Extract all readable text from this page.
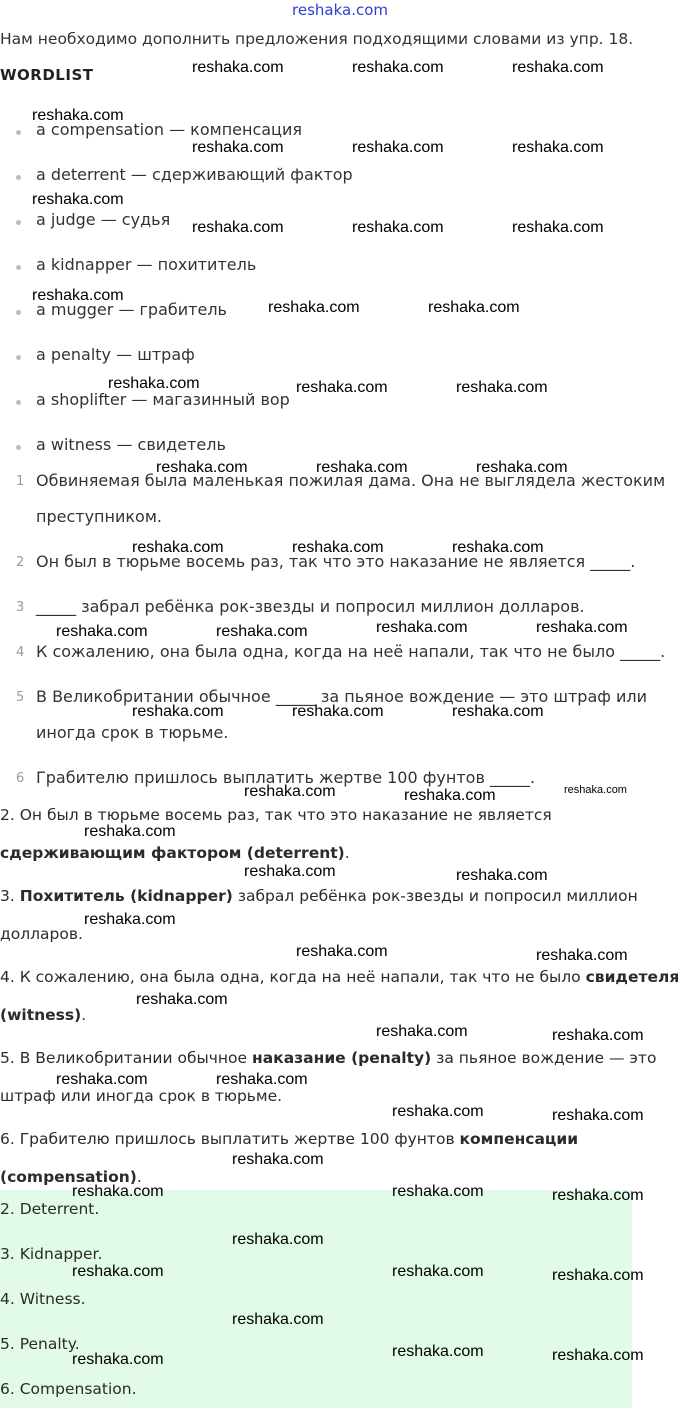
reshaka.com
Нам необходимо дополнить предложения подходящими словами из упр. 18.
WORDLIST
a compensation — компенсация
a deterrent — сдерживающий фактор
a judge — судья
a kidnapper — похититель
a mugger — грабитель
a penalty — штраф
a shoplifter — магазинный вор
a witness — свидетель
1 Обвиняемая была маленькая пожилая дама. Она не выглядела жестоким преступником.
2 Он был в тюрьме восемь раз, так что это наказание не является _____.
3 _____ забрал ребёнка рок-звезды и попросил миллион долларов.
4 К сожалению, она была одна, когда на неё напали, так что не было _____.
5 В Великобритании обычное _____ за пьяное вождение — это штраф или иногда срок в тюрьме.
6 Грабителю пришлось выплатить жертве 100 фунтов _____.
2. Он был в тюрьме восемь раз, так что это наказание не является сдерживающим фактором (deterrent).
3. Похититель (kidnapper) забрал ребёнка рок-звезды и попросил миллион долларов.
4. К сожалению, она была одна, когда на неё напали, так что не было свидетеля (witness).
5. В Великобритании обычное наказание (penalty) за пьяное вождение — это штраф или иногда срок в тюрьме.
6. Грабителю пришлось выплатить жертве 100 фунтов компенсации (compensation).
2. Deterrent.
3. Kidnapper.
4. Witness.
5. Penalty.
6. Compensation.
reshaka.com	reshaka.com	reshaka.com
reshaka.com
reshaka.com	reshaka.com	reshaka.com
reshaka.com
reshaka.com	reshaka.com	reshaka.com
reshaka.com
reshaka.com	reshaka.com
reshaka.com	reshaka.com	reshaka.com
reshaka.com	reshaka.com	reshaka.com
reshaka.com	reshaka.com	reshaka.com
reshaka.com	reshaka.com	reshaka.com	reshaka.com
reshaka.com	reshaka.com	reshaka.com
reshaka.com	reshaka.com	reshaka.com
reshaka.com
reshaka.com	reshaka.com
reshaka.com
reshaka.com	reshaka.com
reshaka.com
reshaka.com	reshaka.com
reshaka.com	reshaka.com
reshaka.com	reshaka.com
reshaka.com
reshaka.com	reshaka.com	reshaka.com
reshaka.com
reshaka.com	reshaka.com	reshaka.com
reshaka.com
reshaka.com	reshaka.com	reshaka.com
